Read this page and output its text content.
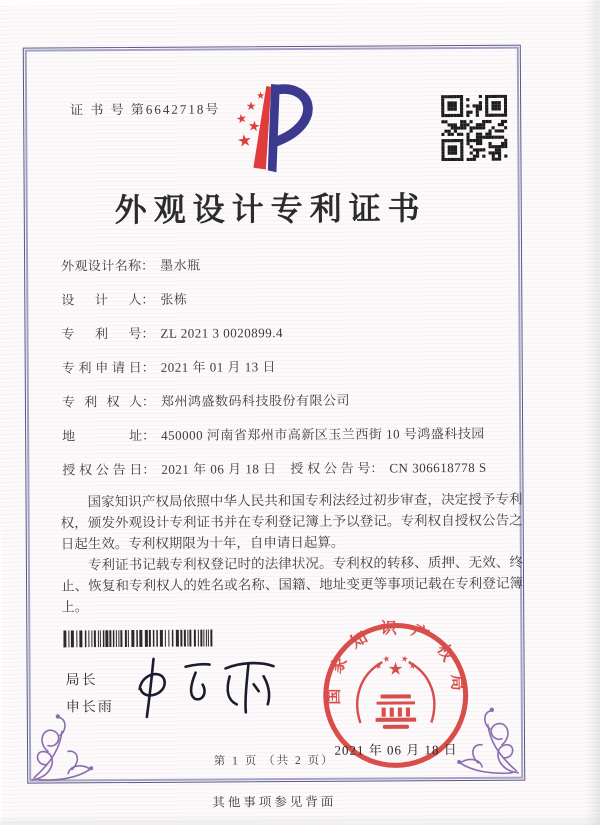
证 书 号 第6642718号
外观设计专利证书
外观设计名称： 墨水瓶
设 计 人： 张栋
专 利 号： ZL 2021 3 0020899.4
专利申请日： 2021 年 01 月 13 日
专 利 权 人： 郑州鸿盛数码科技股份有限公司
地 址： 450000 河南省郑州市高新区玉兰西街 10 号鸿盛科技园
授权公告日： 2021 年 06 月 18 日 授权公告号： CN 306618778 S

国家知识产权局依照中华人民共和国专利法经过初步审查，决定授予专利权，颁发外观设计专利证书并在专利登记簿上予以登记。专利权自授权公告之日起生效。专利权期限为十年，自申请日起算。

专利证书记载专利权登记时的法律状况。专利权的转移、质押、无效、终止、恢复和专利权人的姓名或名称、国籍、地址变更等事项记载在专利登记簿上。

局长
申长雨
国家知识产权局
2021 年 06 月 18 日
第 1 页 （共 2 页）
其他事项参见背面
